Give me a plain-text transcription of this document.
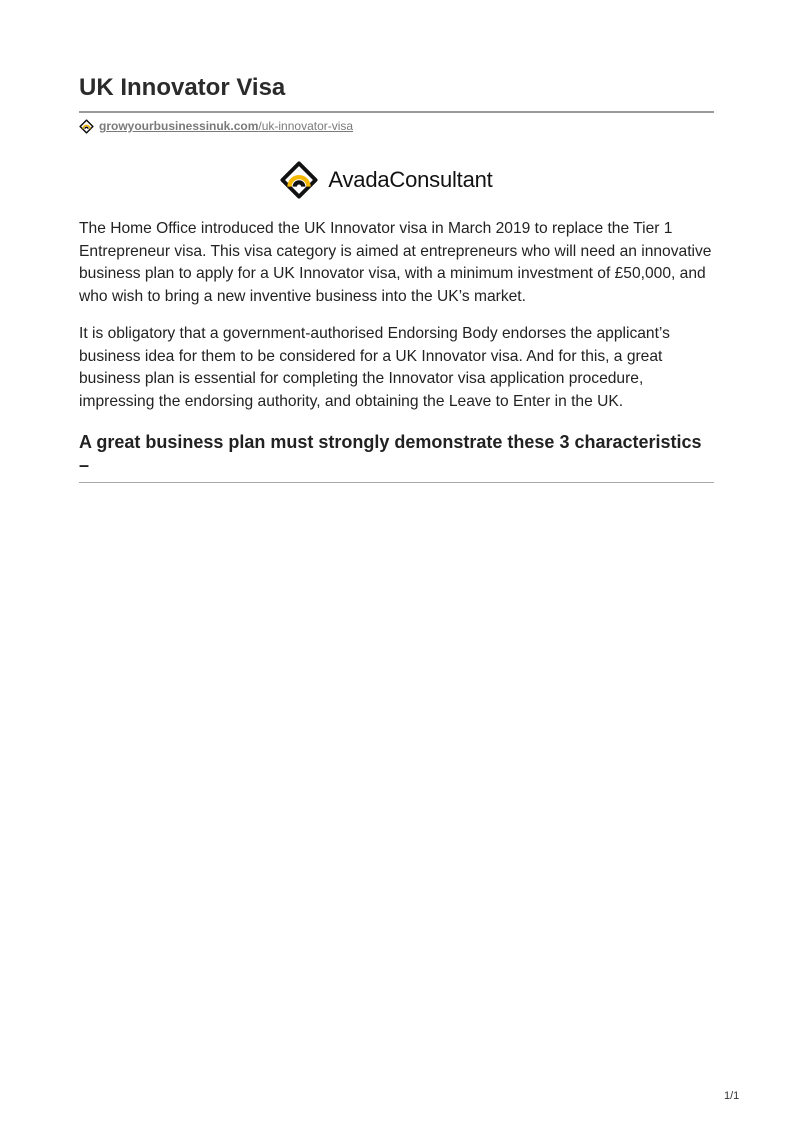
UK Innovator Visa
growyourbusinessinuk.com/uk-innovator-visa
AvadaConsultant

The Home Office introduced the UK Innovator visa in March 2019 to replace the Tier 1 Entrepreneur visa. This visa category is aimed at entrepreneurs who will need an innovative business plan to apply for a UK Innovator visa, with a minimum investment of £50,000, and who wish to bring a new inventive business into the UK’s market.

It is obligatory that a government-authorised Endorsing Body endorses the applicant’s business idea for them to be considered for a UK Innovator visa. And for this, a great business plan is essential for completing the Innovator visa application procedure, impressing the endorsing authority, and obtaining the Leave to Enter in the UK.

A great business plan must strongly demonstrate these 3 characteristics –
1/1
